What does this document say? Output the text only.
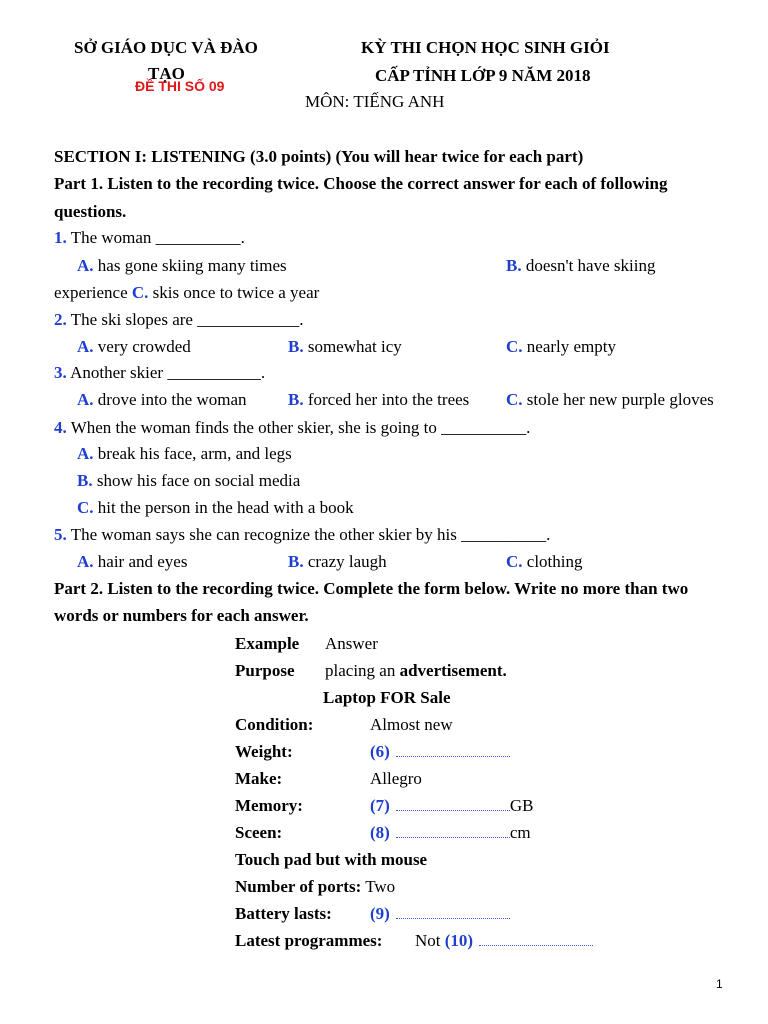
SỞ GIÁO DỤC VÀ ĐÀO
TẠO
ĐỀ THI SỐ 09
KỲ THI CHỌN HỌC SINH GIỎI
CẤP TỈNH LỚP 9 NĂM 2018
MÔN: TIẾNG ANH
SECTION I: LISTENING (3.0 points) (You will hear twice for each part)
Part 1. Listen to the recording twice. Choose the correct answer for each of following
questions.
1. The woman __________.
A. has gone skiing many times	B. doesn't have skiing
experience C. skis once to twice a year
2. The ski slopes are ____________.
A. very crowded	B. somewhat icy	C. nearly empty
3. Another skier ___________.
A. drove into the woman B. forced her into the trees C. stole her new purple gloves
4. When the woman finds the other skier, she is going to __________.
A. break his face, arm, and legs
B. show his face on social media
C. hit the person in the head with a book
5. The woman says she can recognize the other skier by his __________.
A. hair and eyes	B. crazy laugh	C. clothing
Part 2. Listen to the recording twice. Complete the form below. Write no more than two
words or numbers for each answer.
Example Answer
Purpose placing an advertisement.
Laptop FOR Sale
Condition:	Almost new
Weight:	(6)
Make:	Allegro
Memory:	(7)	GB
Sceen:	(8)	cm
Touch pad but with mouse
Number of ports: Two
Battery lasts: (9)
Latest programmes: Not (10)
1
